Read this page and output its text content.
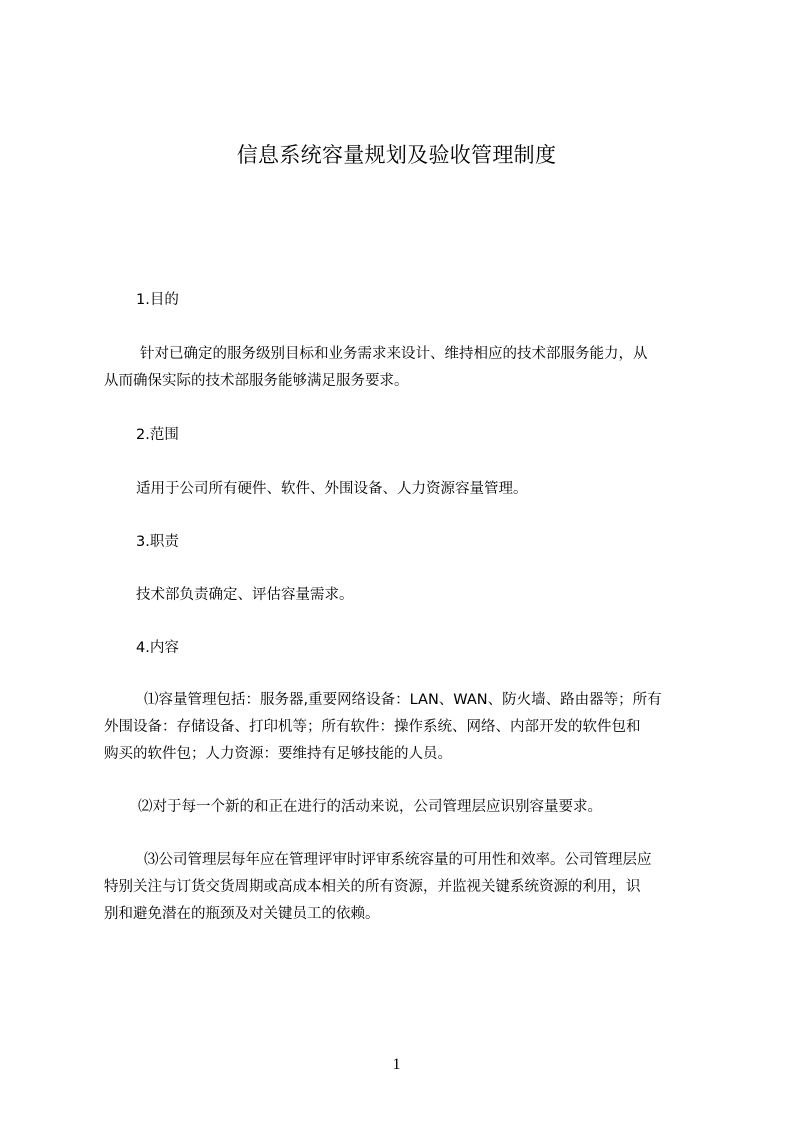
信息系统容量规划及验收管理制度
1.目的
针对已确定的服务级别目标和业务需求来设计、维持相应的技术部服务能力，从
从而确保实际的技术部服务能够满足服务要求。
2.范围
适用于公司所有硬件、软件、外围设备、人力资源容量管理。
3.职责
技术部负责确定、评估容量需求。
4.内容
⑴容量管理包括：服务器,重要网络设备：LAN、WAN、防火墙、路由器等；所有
外围设备：存储设备、打印机等；所有软件：操作系统、网络、内部开发的软件包和
购买的软件包；人力资源：要维持有足够技能的人员。
⑵对于每一个新的和正在进行的活动来说，公司管理层应识别容量要求。
⑶公司管理层每年应在管理评审时评审系统容量的可用性和效率。公司管理层应
特别关注与订货交货周期或高成本相关的所有资源，并监视关键系统资源的利用，识
别和避免潜在的瓶颈及对关键员工的依赖。
1
